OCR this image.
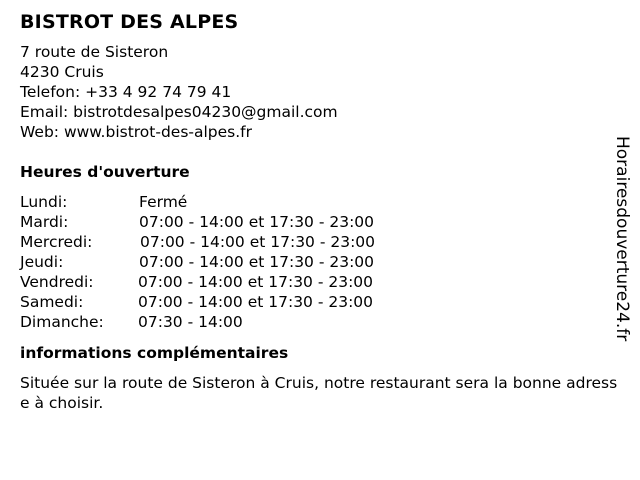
BISTROT DES ALPES
7 route de Sisteron
4230 Cruis
Telefon: +33 4 92 74 79 41
Email: bistrotdesalpes04230@gmail.com
Web: www.bistrot-des-alpes.fr
Heures d'ouverture
Lundi:	Fermé
Mardi:	07:00 - 14:00 et 17:30 - 23:00
Mercredi:	07:00 - 14:00 et 17:30 - 23:00
Jeudi:	07:00 - 14:00 et 17:30 - 23:00
Vendredi:	07:00 - 14:00 et 17:30 - 23:00
Samedi:	07:00 - 14:00 et 17:30 - 23:00
Dimanche: 07:30 - 14:00
informations complémentaires
Située sur la route de Sisteron à Cruis, notre restaurant sera la bonne adresse à choisir.
Horairesdouverture24.fr
